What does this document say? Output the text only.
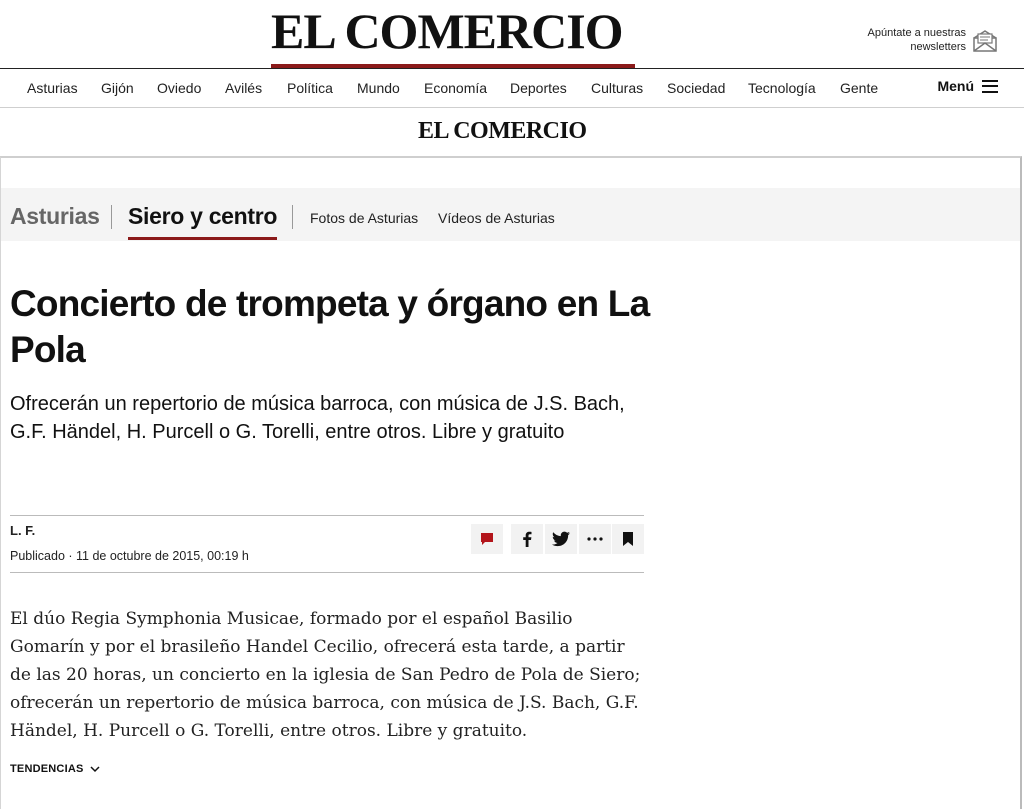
EL COMERCIO	Apúntate a nuestras
newsletters
Asturias Gijón Oviedo Avilés Política Mundo Economía Deportes Culturas Sociedad Tecnología Gente	Menú
EL COMERCIO
Asturias Siero y centro Fotos de Asturias Vídeos de Asturias
Concierto de trompeta y órgano en La Pola
Ofrecerán un repertorio de música barroca, con música de J.S. Bach, G.F. Händel, H. Purcell o G. Torelli, entre otros. Libre y gratuito
L. F.
Publicado · 11 de octubre de 2015, 00:19 h

El dúo Regia Symphonia Musicae, formado por el español Basilio Gomarín y por el brasileño Handel Cecilio, ofrecerá esta tarde, a partir de las 20 horas, un concierto en la iglesia de San Pedro de Pola de Siero; ofrecerán un repertorio de música barroca, con música de J.S. Bach, G.F. Händel, H. Purcell o G. Torelli, entre otros. Libre y gratuito.

TENDENCIAS
